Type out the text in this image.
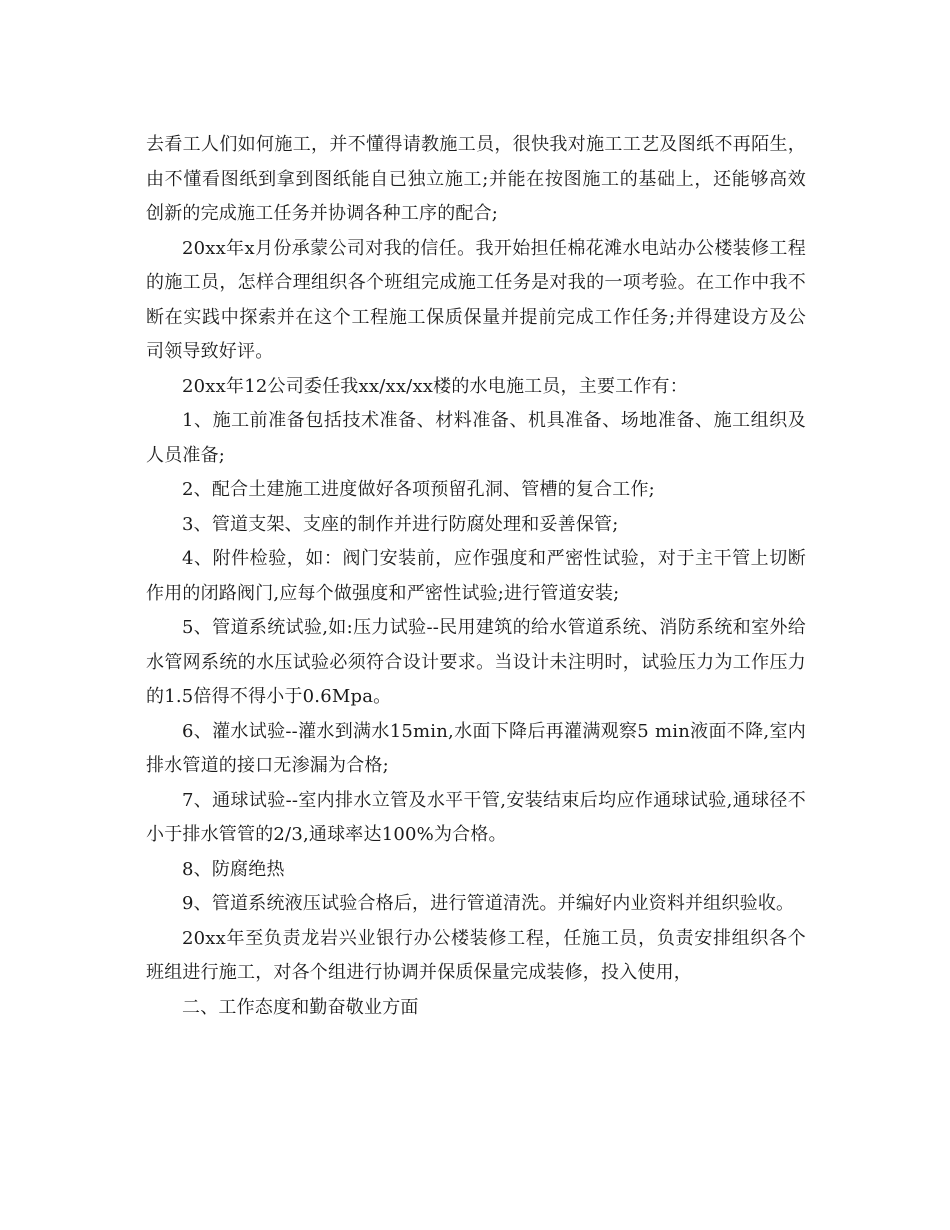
去看工人们如何施工，并不懂得请教施工员，很快我对施工工艺及图纸不再陌生，由不懂看图纸到拿到图纸能自已独立施工;并能在按图施工的基础上，还能够高效创新的完成施工任务并协调各种工序的配合;

20xx年x月份承蒙公司对我的信任。我开始担任棉花滩水电站办公楼装修工程的施工员，怎样合理组织各个班组完成施工任务是对我的一项考验。在工作中我不断在实践中探索并在这个工程施工保质保量并提前完成工作任务;并得建设方及公司领导致好评。

20xx年12公司委任我xx/xx/xx楼的水电施工员，主要工作有：

1、施工前准备包括技术准备、材料准备、机具准备、场地准备、施工组织及人员准备;

2、配合土建施工进度做好各项预留孔洞、管槽的复合工作;

3、管道支架、支座的制作并进行防腐处理和妥善保管;

4、附件检验，如：阀门安装前，应作强度和严密性试验，对于主干管上切断作用的闭路阀门,应每个做强度和严密性试验;进行管道安装;

5、管道系统试验,如:压力试验--民用建筑的给水管道系统、消防系统和室外给水管网系统的水压试验必须符合设计要求。当设计未注明时，试验压力为工作压力的1.5倍得不得小于0.6Mpa。

6、灌水试验--灌水到满水15min,水面下降后再灌满观察5 min液面不降,室内排水管道的接口无渗漏为合格;

7、通球试验--室内排水立管及水平干管,安装结束后均应作通球试验,通球径不小于排水管管的2/3,通球率达100%为合格。

8、防腐绝热

9、管道系统液压试验合格后，进行管道清洗。并编好内业资料并组织验收。

20xx年至负责龙岩兴业银行办公楼装修工程，任施工员，负责安排组织各个班组进行施工，对各个组进行协调并保质保量完成装修，投入使用，

二、工作态度和勤奋敬业方面
